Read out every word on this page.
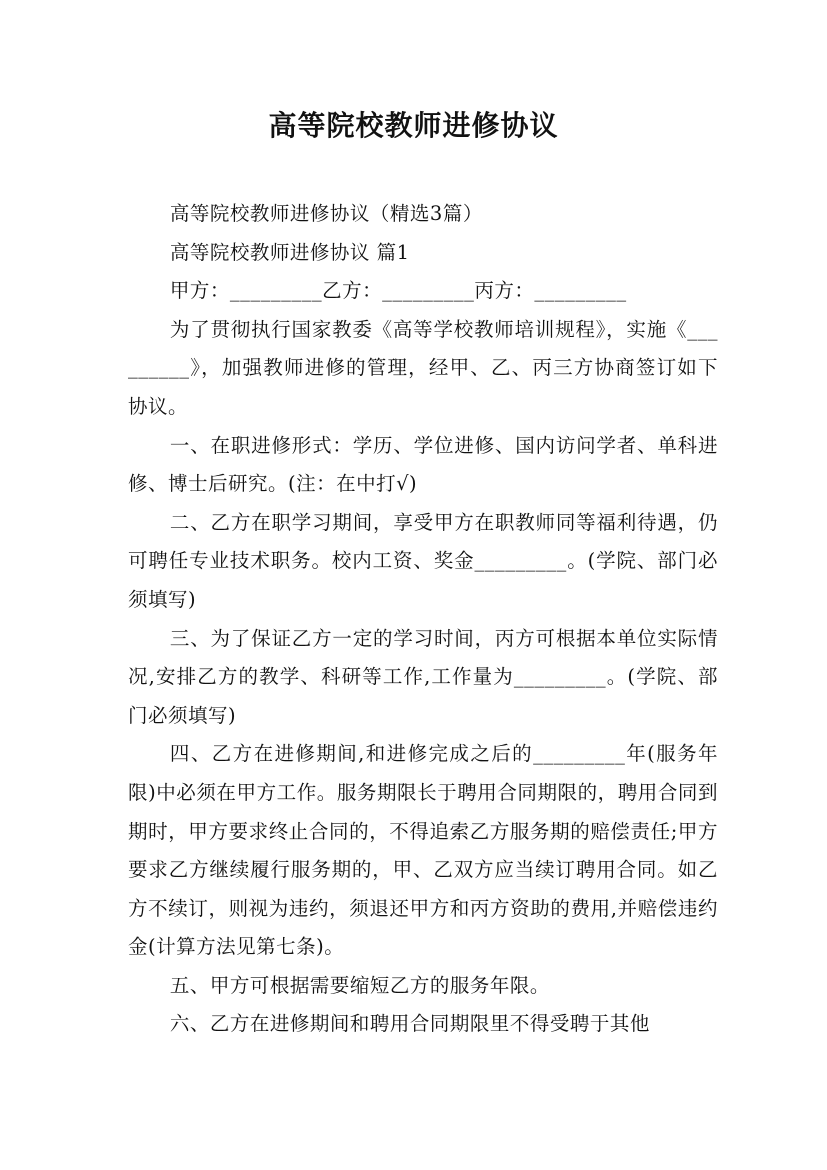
高等院校教师进修协议

高等院校教师进修协议（精选3篇）

高等院校教师进修协议 篇1

甲方：_________乙方：_________丙方：_________

为了贯彻执行国家教委《高等学校教师培训规程》，实施《_________》，加强教师进修的管理，经甲、乙、丙三方协商签订如下协议。

一、在职进修形式：学历、学位进修、国内访问学者、单科进修、博士后研究。(注：在中打√)

二、乙方在职学习期间，享受甲方在职教师同等福利待遇，仍可聘任专业技术职务。校内工资、奖金_________。(学院、部门必须填写)

三、为了保证乙方一定的学习时间，丙方可根据本单位实际情况,安排乙方的教学、科研等工作,工作量为_________。(学院、部门必须填写)

四、乙方在进修期间,和进修完成之后的_________年(服务年限)中必须在甲方工作。服务期限长于聘用合同期限的，聘用合同到期时，甲方要求终止合同的，不得追索乙方服务期的赔偿责任;甲方要求乙方继续履行服务期的，甲、乙双方应当续订聘用合同。如乙方不续订，则视为违约，须退还甲方和丙方资助的费用,并赔偿违约金(计算方法见第七条)。

五、甲方可根据需要缩短乙方的服务年限。

六、乙方在进修期间和聘用合同期限里不得受聘于其他
